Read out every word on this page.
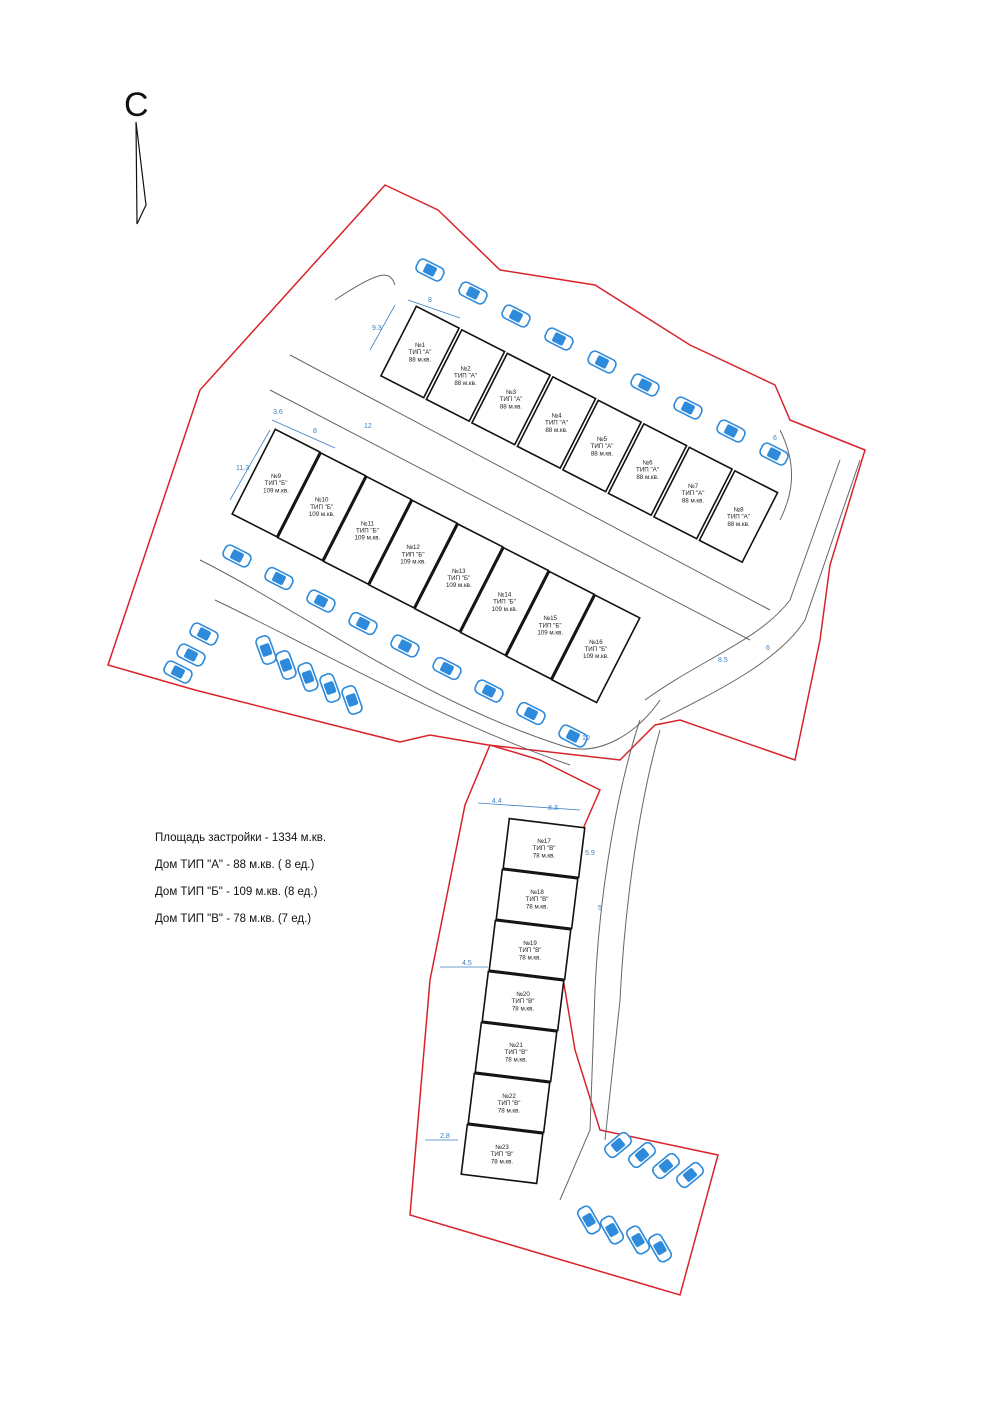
№1
ТИП "А"
88 м.кв.
№2
ТИП "А"
88 м.кв.
№3
ТИП "А"
88 м.кв.
№4
ТИП "А"
88 м.кв.
№5
ТИП "А"
88 м.кв.
№6
ТИП "А"
88 м.кв.
№7
ТИП "А"
88 м.кв.
№8
ТИП "А"
88 м.кв.
№9
ТИП "Б"
109 м.кв.
№10
ТИП "Б"
109 м.кв.
№11
ТИП "Б"
109 м.кв.
№12
ТИП "Б"
109 м.кв.
№13
ТИП "Б"
109 м.кв.
№14
ТИП "Б"
109 м.кв.
№15
ТИП "Б"
109 м.кв.
№16
ТИП "Б"
109 м.кв.
№17
ТИП "В"
78 м.кв.
№18
ТИП "В"
78 м.кв.
№19
ТИП "В"
78 м.кв.
№20
ТИП "В"
78 м.кв.
№21
ТИП "В"
78 м.кв.
№22
ТИП "В"
78 м.кв.
№23
ТИП "В"
78 м.кв.
8
9.3
3.6
8
11.3
12
4.4
8.3
5.9
5
4.5
2.8
10
8.5
6
6
С
Площадь застройки - 1334 м.кв.
Дом ТИП "А" - 88 м.кв. ( 8 ед.)
Дом ТИП "Б" - 109 м.кв. (8 ед.)
Дом ТИП "В" - 78 м.кв. (7 ед.)
